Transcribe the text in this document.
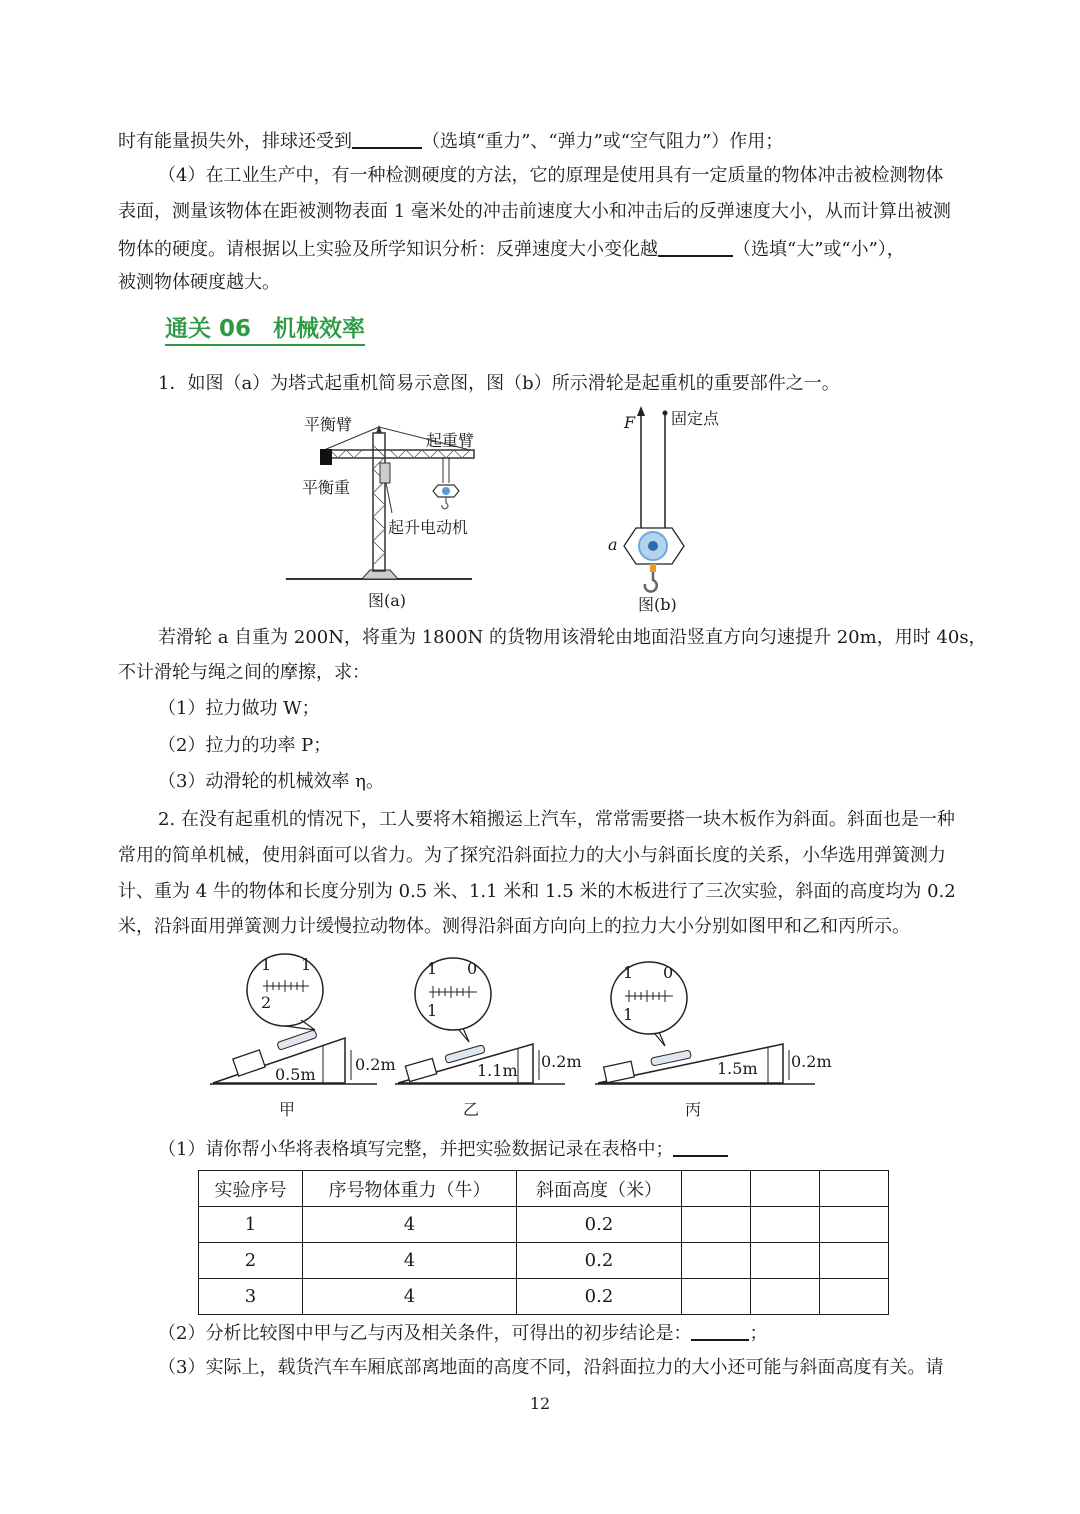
时有能量损失外，排球还受到	（选填“重力”、“弹力”或“空气阻力”）作用；
（4）在工业生产中，有一种检测硬度的方法，它的原理是使用具有一定质量的物体冲击被检测物体
表面，测量该物体在距被测物表面 1 毫米处的冲击前速度大小和冲击后的反弹速度大小，从而计算出被测
物体的硬度。请根据以上实验及所学知识分析：反弹速度大小变化越	（选填“大”或“小”），
被测物体硬度越大。
通关 06 机械效率
1．如图（a）为塔式起重机简易示意图，图（b）所示滑轮是起重机的重要部件之一。
平衡臂
起重臂
平衡重
起升电动机
图(a)
F 固定点
a
图(b)
若滑轮 a 自重为 200N，将重为 1800N 的货物用该滑轮由地面沿竖直方向匀速提升 20m，用时 40s，
不计滑轮与绳之间的摩擦，求：
（1）拉力做功 W；
（2）拉力的功率 P；
（3）动滑轮的机械效率 η。
2. 在没有起重机的情况下，工人要将木箱搬运上汽车，常常需要搭一块木板作为斜面。斜面也是一种
常用的简单机械，使用斜面可以省力。为了探究沿斜面拉力的大小与斜面长度的关系，小华选用弹簧测力
计、重为 4 牛的物体和长度分别为 0.5 米、1.1 米和 1.5 米的木板进行了三次实验，斜面的高度均为 0.2
米，沿斜面用弹簧测力计缓慢拉动物体。测得沿斜面方向向上的拉力大小分别如图甲和乙和丙所示。
1 1
2
0.2m
0.5m
甲
1 0
1
0.2m
1.1m
乙
1 0
1
0.2m
1.5m
丙
（1）请你帮小华将表格填写完整，并把实验数据记录在表格中；
实验序号	序号物体重力（牛）	斜面高度（米）			
1	4	0.2			
2	4	0.2			
3	4	0.2			
（2）分析比较图中甲与乙与丙及相关条件，可得出的初步结论是：	；
（3）实际上，载货汽车车厢底部离地面的高度不同，沿斜面拉力的大小还可能与斜面高度有关。请
12
